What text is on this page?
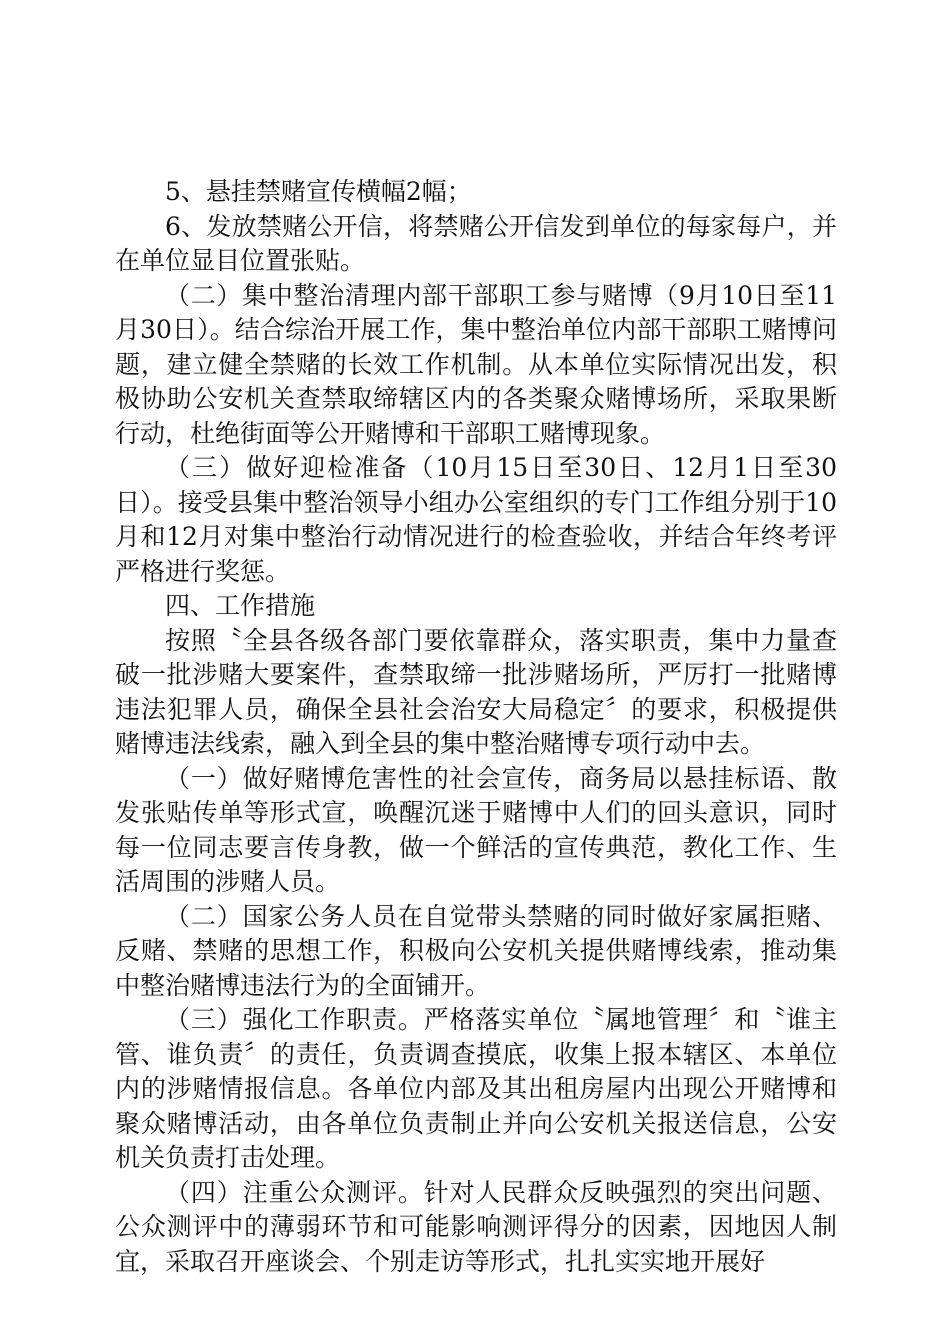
5、悬挂禁赌宣传横幅2幅；

6、发放禁赌公开信，将禁赌公开信发到单位的每家每户，并在单位显目位置张贴。

（二）集中整治清理内部干部职工参与赌博（9月10日至11月30日）。结合综治开展工作，集中整治单位内部干部职工赌博问题，建立健全禁赌的长效工作机制。从本单位实际情况出发，积极协助公安机关查禁取缔辖区内的各类聚众赌博场所，采取果断行动，杜绝街面等公开赌博和干部职工赌博现象。

（三）做好迎检准备（10月15日至30日、12月1日至30日）。接受县集中整治领导小组办公室组织的专门工作组分别于10月和12月对集中整治行动情况进行的检查验收，并结合年终考评严格进行奖惩。

四、工作措施

按照〝全县各级各部门要依靠群众，落实职责，集中力量查破一批涉赌大要案件，查禁取缔一批涉赌场所，严厉打一批赌博违法犯罪人员，确保全县社会治安大局稳定〞的要求，积极提供赌博违法线索，融入到全县的集中整治赌博专项行动中去。

（一）做好赌博危害性的社会宣传，商务局以悬挂标语、散发张贴传单等形式宣，唤醒沉迷于赌博中人们的回头意识，同时每一位同志要言传身教，做一个鲜活的宣传典范，教化工作、生活周围的涉赌人员。

（二）国家公务人员在自觉带头禁赌的同时做好家属拒赌、反赌、禁赌的思想工作，积极向公安机关提供赌博线索，推动集中整治赌博违法行为的全面铺开。

（三）强化工作职责。严格落实单位〝属地管理〞和〝谁主管、谁负责〞的责任，负责调查摸底，收集上报本辖区、本单位内的涉赌情报信息。各单位内部及其出租房屋内出现公开赌博和聚众赌博活动，由各单位负责制止并向公安机关报送信息，公安机关负责打击处理。

（四）注重公众测评。针对人民群众反映强烈的突出问题、公众测评中的薄弱环节和可能影响测评得分的因素，因地因人制宜，采取召开座谈会、个别走访等形式，扎扎实实地开展好
